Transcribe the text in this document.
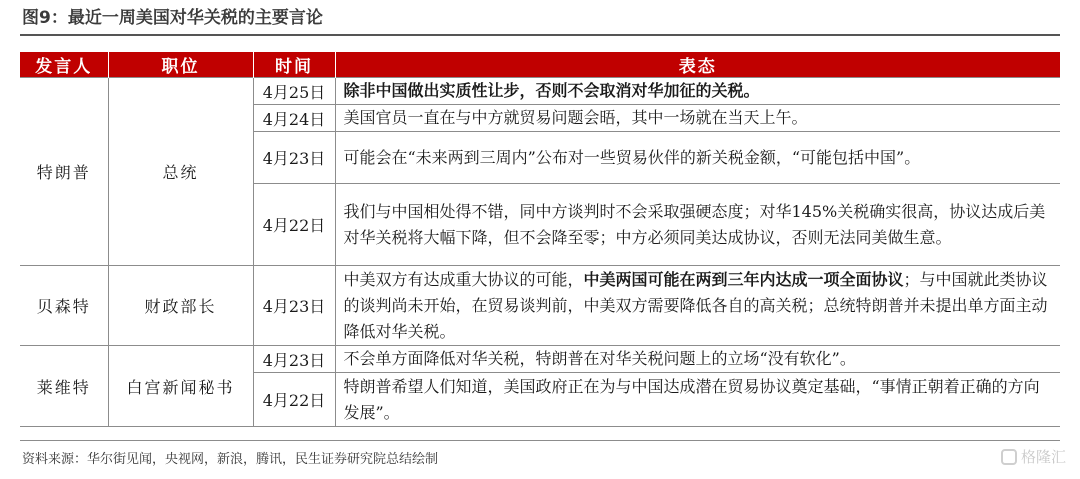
图9：最近一周美国对华关税的主要言论
发言人	职位	时间	表态
特朗普	总统	4月25日	除非中国做出实质性让步，否则不会取消对华加征的关税。
		4月24日	美国官员一直在与中方就贸易问题会晤，其中一场就在当天上午。
		4月23日	可能会在“未来两到三周内”公布对一些贸易伙伴的新关税金额，“可能包括中国”。
		4月22日	我们与中国相处得不错，同中方谈判时不会采取强硬态度；对华145%关税确实很高，协议达成后美对华关税将大幅下降，但不会降至零；中方必须同美达成协议，否则无法同美做生意。
贝森特	财政部长	4月23日	中美双方有达成重大协议的可能，中美两国可能在两到三年内达成一项全面协议；与中国就此类协议的谈判尚未开始，在贸易谈判前，中美双方需要降低各自的高关税；总统特朗普并未提出单方面主动降低对华关税。
莱维特	白宫新闻秘书	4月23日	不会单方面降低对华关税，特朗普在对华关税问题上的立场“没有软化”。
		4月22日	特朗普希望人们知道，美国政府正在为与中国达成潜在贸易协议奠定基础，“事情正朝着正确的方向发展”。
资料来源：华尔街见闻，央视网，新浪，腾讯，民生证券研究院总结绘制	格隆汇
